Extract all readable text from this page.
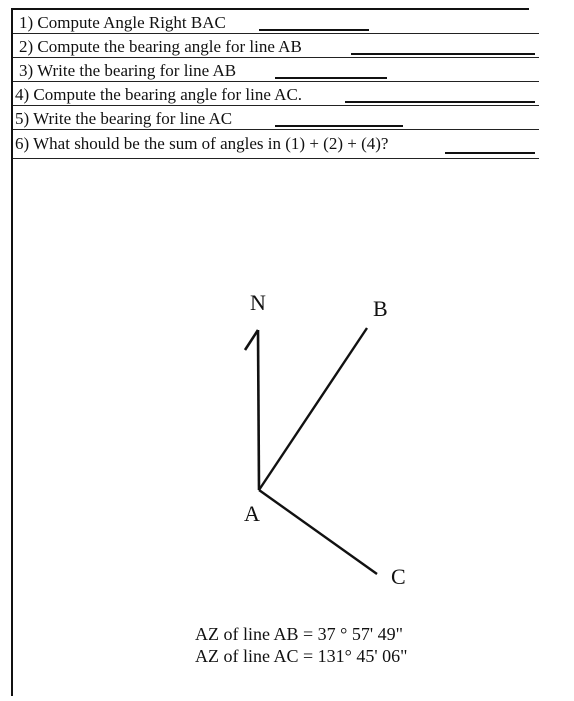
1) Compute Angle Right BAC
2) Compute the bearing angle for line AB
3) Write the bearing for line AB
4) Compute the bearing angle for line AC.
5) Write the bearing for line AC
6) What should be the sum of angles in (1) + (2) + (4)?
N	B
A
C
AZ of line AB = 37 ° 57' 49"
AZ of line AC = 131° 45' 06"
